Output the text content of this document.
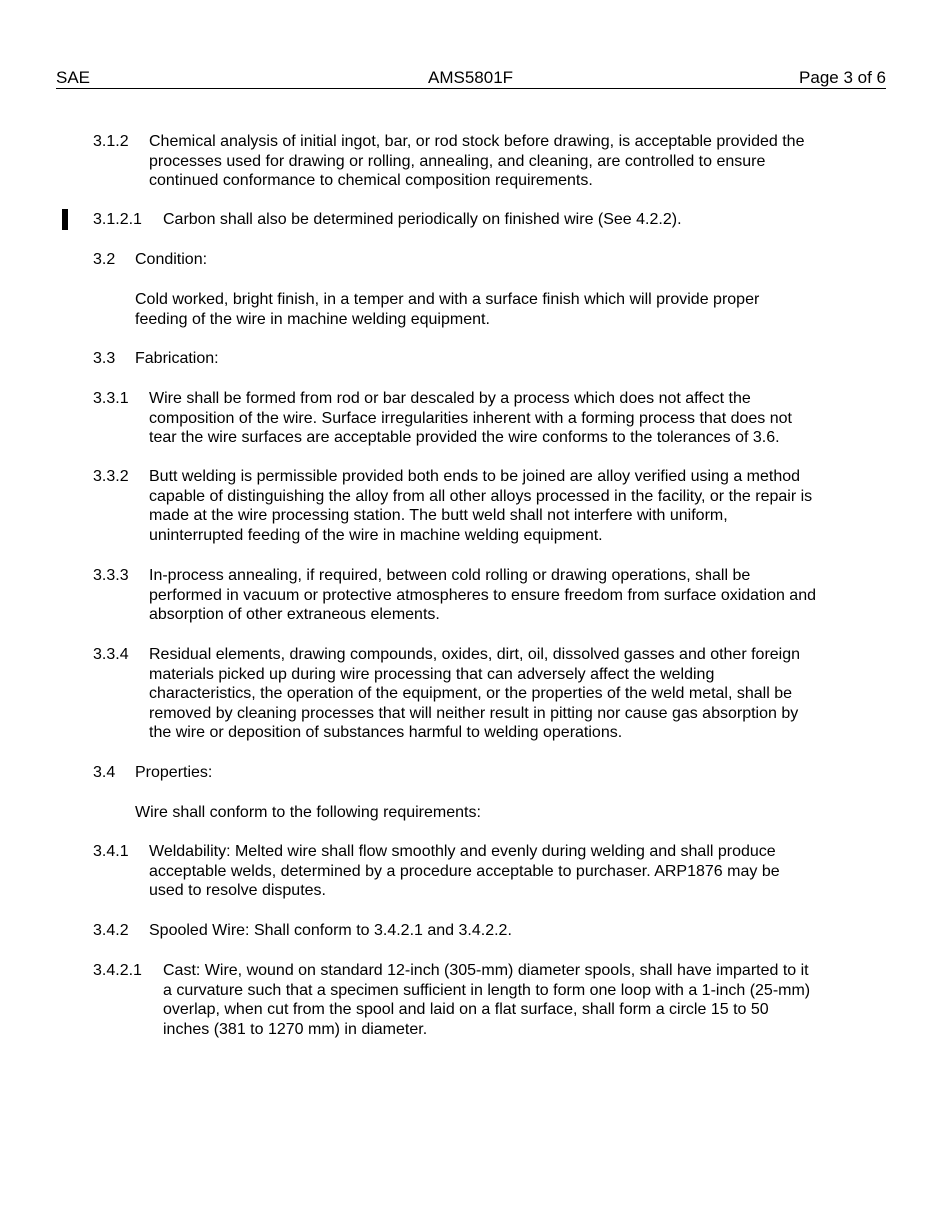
SAE	AMS5801F	Page 3 of 6
3.1.2 Chemical analysis of initial ingot, bar, or rod stock before drawing, is acceptable provided the
processes used for drawing or rolling, annealing, and cleaning, are controlled to ensure
continued conformance to chemical composition requirements.
3.1.2.1 Carbon shall also be determined periodically on finished wire (See 4.2.2).
3.2 Condition:
Cold worked, bright finish, in a temper and with a surface finish which will provide proper
feeding of the wire in machine welding equipment.
3.3 Fabrication:
3.3.1 Wire shall be formed from rod or bar descaled by a process which does not affect the
composition of the wire. Surface irregularities inherent with a forming process that does not
tear the wire surfaces are acceptable provided the wire conforms to the tolerances of 3.6.
3.3.2 Butt welding is permissible provided both ends to be joined are alloy verified using a method
capable of distinguishing the alloy from all other alloys processed in the facility, or the repair is
made at the wire processing station. The butt weld shall not interfere with uniform,
uninterrupted feeding of the wire in machine welding equipment.
3.3.3 In-process annealing, if required, between cold rolling or drawing operations, shall be
performed in vacuum or protective atmospheres to ensure freedom from surface oxidation and
absorption of other extraneous elements.
3.3.4 Residual elements, drawing compounds, oxides, dirt, oil, dissolved gasses and other foreign
materials picked up during wire processing that can adversely affect the welding
characteristics, the operation of the equipment, or the properties of the weld metal, shall be
removed by cleaning processes that will neither result in pitting nor cause gas absorption by
the wire or deposition of substances harmful to welding operations.
3.4 Properties:
Wire shall conform to the following requirements:
3.4.1 Weldability: Melted wire shall flow smoothly and evenly during welding and shall produce
acceptable welds, determined by a procedure acceptable to purchaser. ARP1876 may be
used to resolve disputes.
3.4.2 Spooled Wire: Shall conform to 3.4.2.1 and 3.4.2.2.
3.4.2.1 Cast: Wire, wound on standard 12-inch (305-mm) diameter spools, shall have imparted to it
a curvature such that a specimen sufficient in length to form one loop with a 1-inch (25-mm)
overlap, when cut from the spool and laid on a flat surface, shall form a circle 15 to 50
inches (381 to 1270 mm) in diameter.
